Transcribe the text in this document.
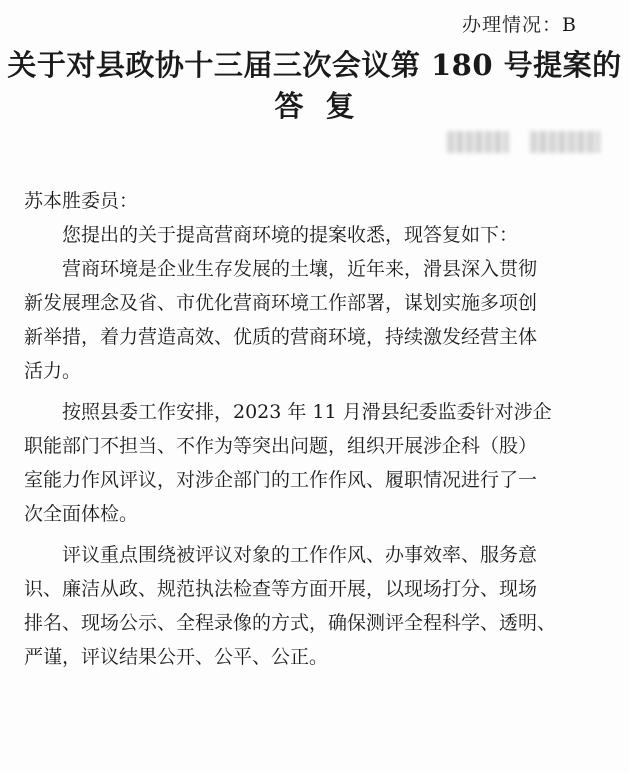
办理情况：B
关于对县政协十三届三次会议第 180 号提案的
答复
苏本胜委员：
您提出的关于提高营商环境的提案收悉，现答复如下：
营商环境是企业生存发展的土壤，近年来，滑县深入贯彻
新发展理念及省、市优化营商环境工作部署，谋划实施多项创
新举措，着力营造高效、优质的营商环境，持续激发经营主体
活力。
按照县委工作安排，2023 年 11 月滑县纪委监委针对涉企
职能部门不担当、不作为等突出问题，组织开展涉企科（股）
室能力作风评议，对涉企部门的工作作风、履职情况进行了一
次全面体检。
评议重点围绕被评议对象的工作作风、办事效率、服务意
识、廉洁从政、规范执法检查等方面开展，以现场打分、现场
排名、现场公示、全程录像的方式，确保测评全程科学、透明、
严谨，评议结果公开、公平、公正。
